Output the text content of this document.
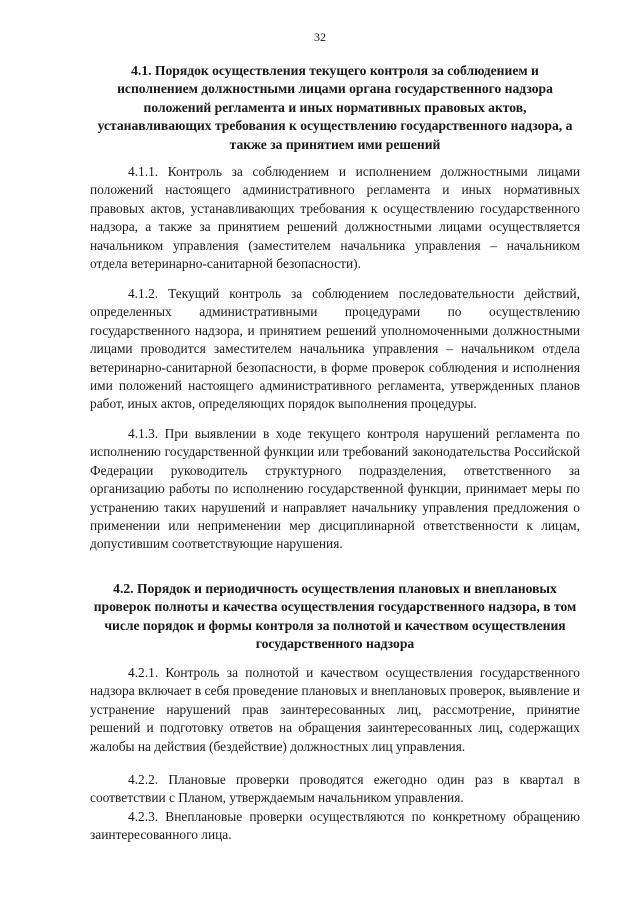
32
4.1. Порядок осуществления текущего контроля за соблюдением и исполнением должностными лицами органа государственного надзора положений регламента и иных нормативных правовых актов, устанавливающих требования к осуществлению государственного надзора, а также за принятием ими решений

4.1.1. Контроль за соблюдением и исполнением должностными лицами положений настоящего административного регламента и иных нормативных правовых актов, устанавливающих требования к осуществлению государственного надзора, а также за принятием решений должностными лицами осуществляется начальником управления (заместителем начальника управления – начальником отдела ветеринарно-санитарной безопасности).

4.1.2. Текущий контроль за соблюдением последовательности действий, определенных административными процедурами по осуществлению государственного надзора, и принятием решений уполномоченными должностными лицами проводится заместителем начальника управления – начальником отдела ветеринарно-санитарной безопасности, в форме проверок соблюдения и исполнения ими положений настоящего административного регламента, утвержденных планов работ, иных актов, определяющих порядок выполнения процедуры.

4.1.3. При выявлении в ходе текущего контроля нарушений регламента по исполнению государственной функции или требований законодательства Российской Федерации руководитель структурного подразделения, ответственного за организацию работы по исполнению государственной функции, принимает меры по устранению таких нарушений и направляет начальнику управления предложения о применении или неприменении мер дисциплинарной ответственности к лицам, допустившим соответствующие нарушения.

4.2. Порядок и периодичность осуществления плановых и внеплановых проверок полноты и качества осуществления государственного надзора, в том числе порядок и формы контроля за полнотой и качеством осуществления государственного надзора

4.2.1. Контроль за полнотой и качеством осуществления государственного надзора включает в себя проведение плановых и внеплановых проверок, выявление и устранение нарушений прав заинтересованных лиц, рассмотрение, принятие решений и подготовку ответов на обращения заинтересованных лиц, содержащих жалобы на действия (бездействие) должностных лиц управления.

4.2.2. Плановые проверки проводятся ежегодно один раз в квартал в соответствии с Планом, утверждаемым начальником управления.

4.2.3. Внеплановые проверки осуществляются по конкретному обращению заинтересованного лица.
